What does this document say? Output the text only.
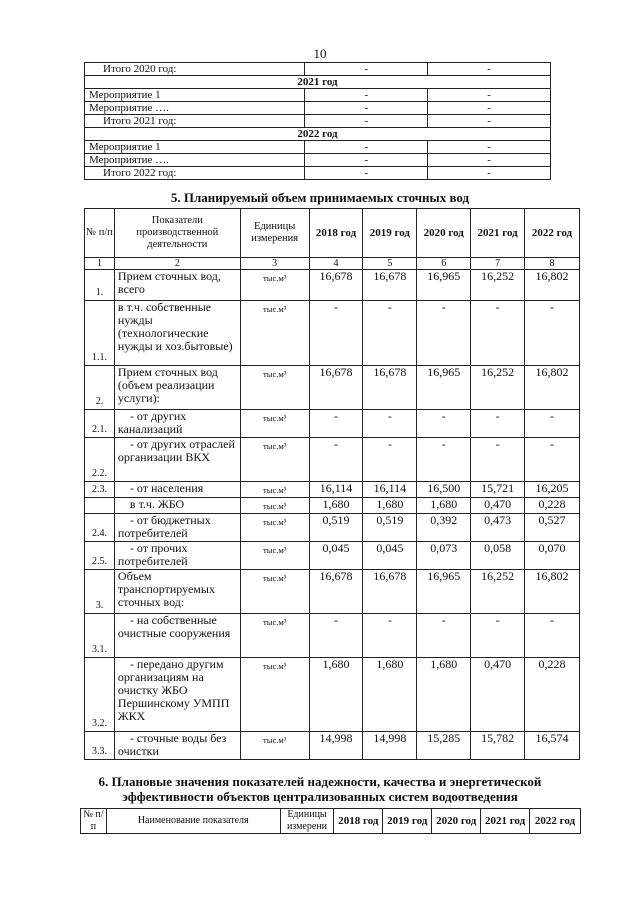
10
Итого 2020 год:	-	-
2021 год		
Мероприятие 1	-	-
Мероприятие ….	-	-
Итого 2021 год:	-	-
2022 год		
Мероприятие 1	-	-
Мероприятие ….	-	-
Итого 2022 год:	-	-
5. Планируемый объем принимаемых сточных вод
№ п/п	Показатели производственной деятельности	Единицы измерения	2018 год	2019 год	2020 год	2021 год	2022 год
1	2	3	4	5	6	7	8
1.	Прием сточных вод, всего	тыс.м³	16,678	16,678	16,965	16,252	16,802
1.1.	в т.ч. собственные нужды (технологические нужды и хоз.бытовые)	тыс.м³	-	-	-	-	-
2.	Прием сточных вод (объем реализации услуги):	тыс.м³	16,678	16,678	16,965	16,252	16,802
2.1.	- от других канализаций	тыс.м³	-	-	-	-	-
2.2.	- от других отраслей организации ВКХ	тыс.м³	-	-	-	-	-
2.3.	- от населения	тыс.м³	16,114	16,114	16,500	15,721	16,205
	в т.ч. ЖБО	тыс.м³	1,680	1,680	1,680	0,470	0,228
2.4.	- от бюджетных потребителей	тыс.м³	0,519	0,519	0,392	0,473	0,527
2.5.	- от прочих потребителей	тыс.м³	0,045	0,045	0,073	0,058	0,070
3.	Объем транспортируемых сточных вод:	тыс.м³	16,678	16,678	16,965	16,252	16,802
3.1.	- на собственные очистные сооружения	тыс.м³	-	-	-	-	-
3.2.	- передано другим организациям на очистку ЖБО Першинскому УМПП ЖКХ	тыс.м³	1,680	1,680	1,680	0,470	0,228
3.3.	- сточные воды без очистки	тыс.м³	14,998	14,998	15,285	15,782	16,574
6. Плановые значения показателей надежности, качества и энергетической
эффективности объектов централизованных систем водоотведения
№ п/п	Наименование показателя	Единицы измерени	2018 год	2019 год	2020 год	2021 год	2022 год
